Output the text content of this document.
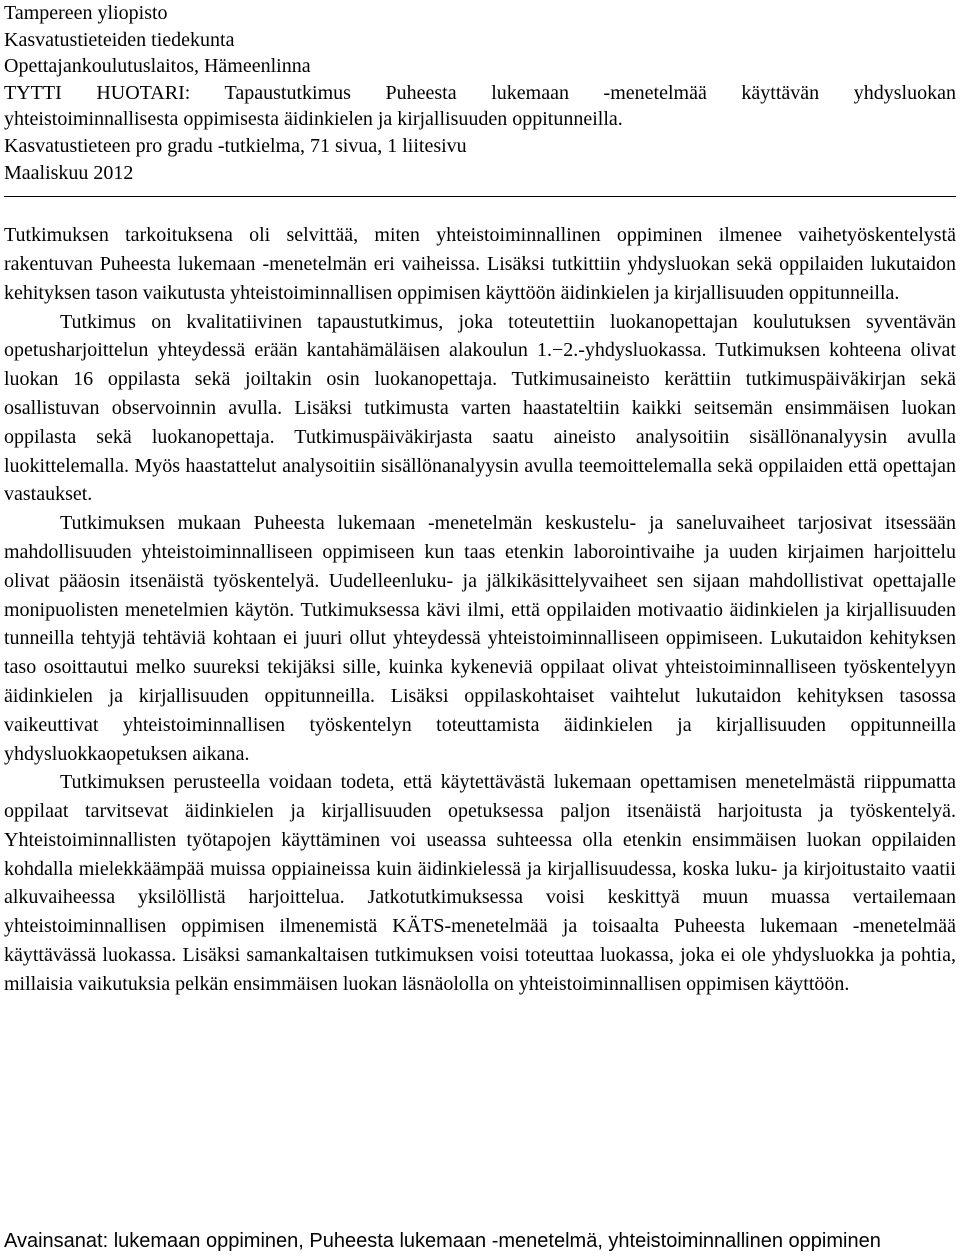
Tampereen yliopisto
Kasvatustieteiden tiedekunta
Opettajankoulutuslaitos, Hämeenlinna
TYTTI HUOTARI: Tapaustutkimus Puheesta lukemaan -menetelmää käyttävän yhdysluokan
yhteistoiminnallisesta oppimisesta äidinkielen ja kirjallisuuden oppitunneilla.
Kasvatustieteen pro gradu -tutkielma, 71 sivua, 1 liitesivu
Maaliskuu 2012

Tutkimuksen tarkoituksena oli selvittää, miten yhteistoiminnallinen oppiminen ilmenee vaihetyöskentelystä rakentuvan Puheesta lukemaan -menetelmän eri vaiheissa. Lisäksi tutkittiin yhdysluokan sekä oppilaiden lukutaidon kehityksen tason vaikutusta yhteistoiminnallisen oppimisen käyttöön äidinkielen ja kirjallisuuden oppitunneilla.

Tutkimus on kvalitatiivinen tapaustutkimus, joka toteutettiin luokanopettajan koulutuksen syventävän opetusharjoittelun yhteydessä erään kantahämäläisen alakoulun 1.−2.-yhdysluokassa. Tutkimuksen kohteena olivat luokan 16 oppilasta sekä joiltakin osin luokanopettaja. Tutkimusaineisto kerättiin tutkimuspäiväkirjan sekä osallistuvan observoinnin avulla. Lisäksi tutkimusta varten haastateltiin kaikki seitsemän ensimmäisen luokan oppilasta sekä luokanopettaja. Tutkimuspäiväkirjasta saatu aineisto analysoitiin sisällönanalyysin avulla luokittelemalla. Myös haastattelut analysoitiin sisällönanalyysin avulla teemoittelemalla sekä oppilaiden että opettajan vastaukset.

Tutkimuksen mukaan Puheesta lukemaan -menetelmän keskustelu- ja saneluvaiheet tarjosivat itsessään mahdollisuuden yhteistoiminnalliseen oppimiseen kun taas etenkin laborointivaihe ja uuden kirjaimen harjoittelu olivat pääosin itsenäistä työskentelyä. Uudelleenluku- ja jälkikäsittelyvaiheet sen sijaan mahdollistivat opettajalle monipuolisten menetelmien käytön. Tutkimuksessa kävi ilmi, että oppilaiden motivaatio äidinkielen ja kirjallisuuden tunneilla tehtyjä tehtäviä kohtaan ei juuri ollut yhteydessä yhteistoiminnalliseen oppimiseen. Lukutaidon kehityksen taso osoittautui melko suureksi tekijäksi sille, kuinka kykeneviä oppilaat olivat yhteistoiminnalliseen työskentelyyn äidinkielen ja kirjallisuuden oppitunneilla. Lisäksi oppilaskohtaiset vaihtelut lukutaidon kehityksen tasossa vaikeuttivat yhteistoiminnallisen työskentelyn toteuttamista äidinkielen ja kirjallisuuden oppitunneilla yhdysluokkaopetuksen aikana.

Tutkimuksen perusteella voidaan todeta, että käytettävästä lukemaan opettamisen menetelmästä riippumatta oppilaat tarvitsevat äidinkielen ja kirjallisuuden opetuksessa paljon itsenäistä harjoitusta ja työskentelyä. Yhteistoiminnallisten työtapojen käyttäminen voi useassa suhteessa olla etenkin ensimmäisen luokan oppilaiden kohdalla mielekkäämpää muissa oppiaineissa kuin äidinkielessä ja kirjallisuudessa, koska luku- ja kirjoitustaito vaatii alkuvaiheessa yksilöllistä harjoittelua. Jatkotutkimuksessa voisi keskittyä muun muassa vertailemaan yhteistoiminnallisen oppimisen ilmenemistä KÄTS-menetelmää ja toisaalta Puheesta lukemaan -menetelmää käyttävässä luokassa. Lisäksi samankaltaisen tutkimuksen voisi toteuttaa luokassa, joka ei ole yhdysluokka ja pohtia, millaisia vaikutuksia pelkän ensimmäisen luokan läsnäololla on yhteistoiminnallisen oppimisen käyttöön.

Avainsanat: lukemaan oppiminen, Puheesta lukemaan -menetelmä, yhteistoiminnallinen oppiminen
